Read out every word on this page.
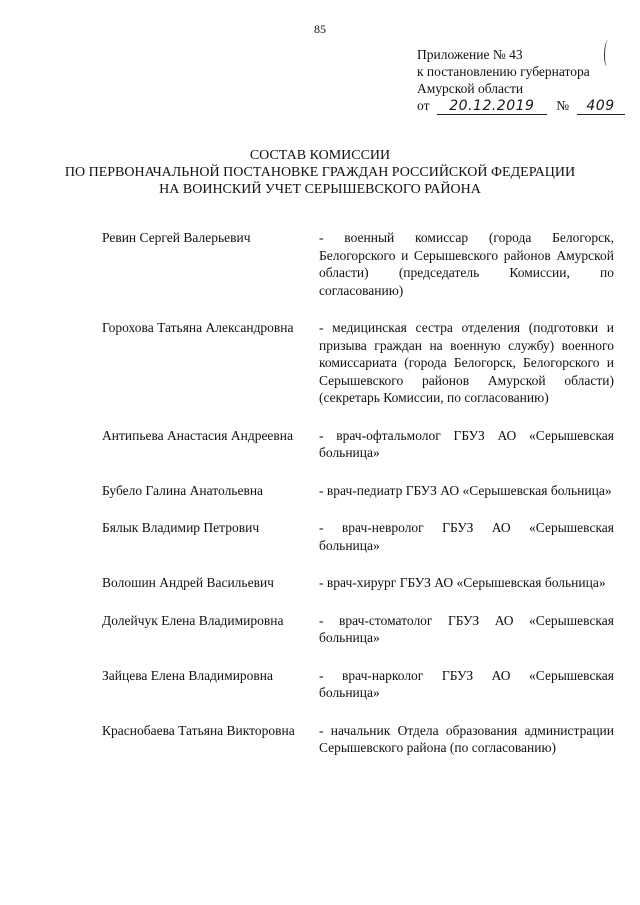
85
Приложение № 43
к постановлению губернатора
Амурской области
от 20.12.2019 № 409
СОСТАВ КОМИССИИ
ПО ПЕРВОНАЧАЛЬНОЙ ПОСТАНОВКЕ ГРАЖДАН РОССИЙСКОЙ ФЕДЕРАЦИИ
НА ВОИНСКИЙ УЧЕТ СЕРЫШЕВСКОГО РАЙОНА
Ревин Сергей Валерьевич	- военный комиссар (города Белогорск, Белогорского и Серышевского районов Амурской области) (председатель Комиссии, по согласованию)
Горохова Татьяна Александровна	- медицинская сестра отделения (подготовки и призыва граждан на военную службу) военного комиссариата (города Белогорск, Белогорского и Серышевского районов Амурской области) (секретарь Комиссии, по согласованию)
Антипьева Анастасия Андреевна	- врач-офтальмолог ГБУЗ АО «Серышевская больница»
Бубело Галина Анатольевна	- врач-педиатр ГБУЗ АО «Серышевская больница»
Бялык Владимир Петрович	- врач-невролог ГБУЗ АО «Серышевская больница»
Волошин Андрей Васильевич	- врач-хирург ГБУЗ АО «Серышевская больница»
Долейчук Елена Владимировна	- врач-стоматолог ГБУЗ АО «Серышевская больница»
Зайцева Елена Владимировна	- врач-нарколог ГБУЗ АО «Серышевская больница»
Краснобаева Татьяна Викторовна	- начальник Отдела образования администрации Серышевского района (по согласованию)
